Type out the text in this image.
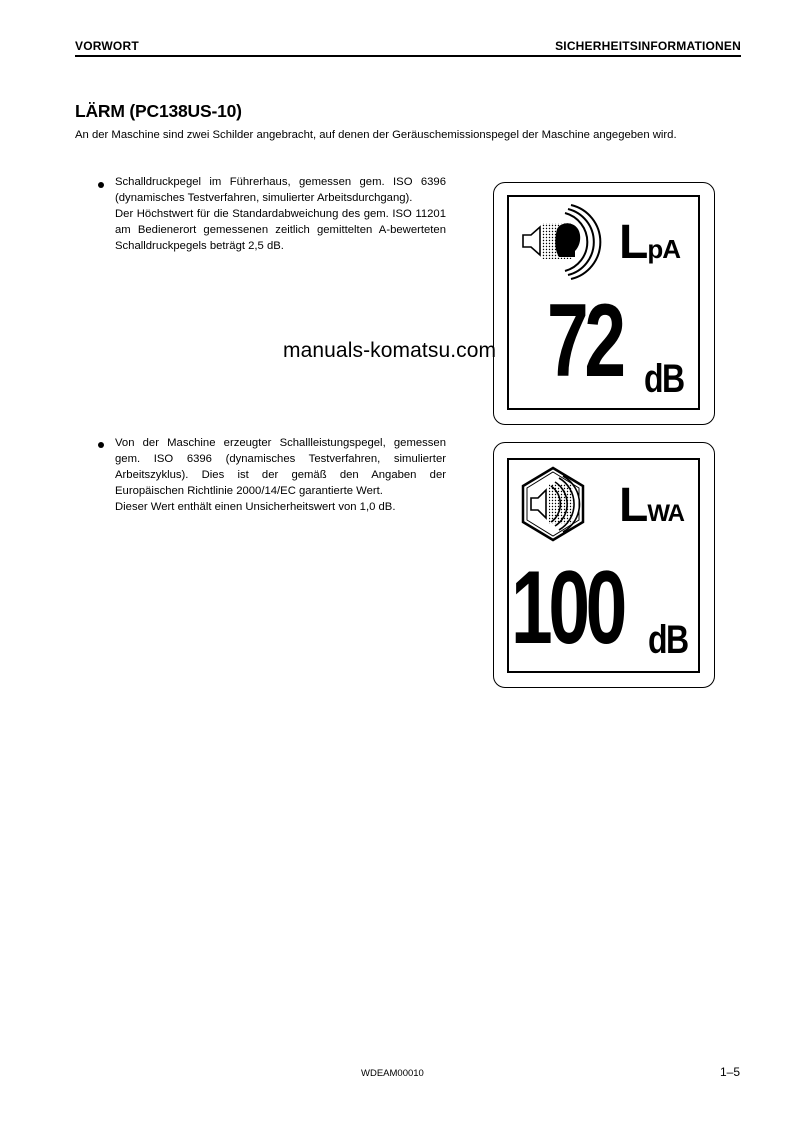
VORWORT	SICHERHEITSINFORMATIONEN
LÄRM (PC138US-10)
An der Maschine sind zwei Schilder angebracht, auf denen der Geräuschemissionspegel der Maschine angegeben wird.

Schalldruckpegel im Führerhaus, gemessen gem. ISO 6396 (dynamisches Testverfahren, simulierter Arbeitsdurchgang).

Der Höchstwert für die Standardabweichung des gem. ISO 11201 am Bedienerort gemessenen zeitlich gemittelten A-bewerteten Schalldruckpegels beträgt 2,5 dB.

Von der Maschine erzeugter Schallleistungspegel, gemessen gem. ISO 6396 (dynamisches Testverfahren, simulierter Arbeitszyklus). Dies ist der gemäß den Angaben der Europäischen Richtlinie 2000/14/EC garantierte Wert.

Dieser Wert enthält einen Unsicherheitswert von 1,0 dB.

LpA
72 dB
LWA
100 dB
manuals-komatsu.com
WDEAM00010	1–5
